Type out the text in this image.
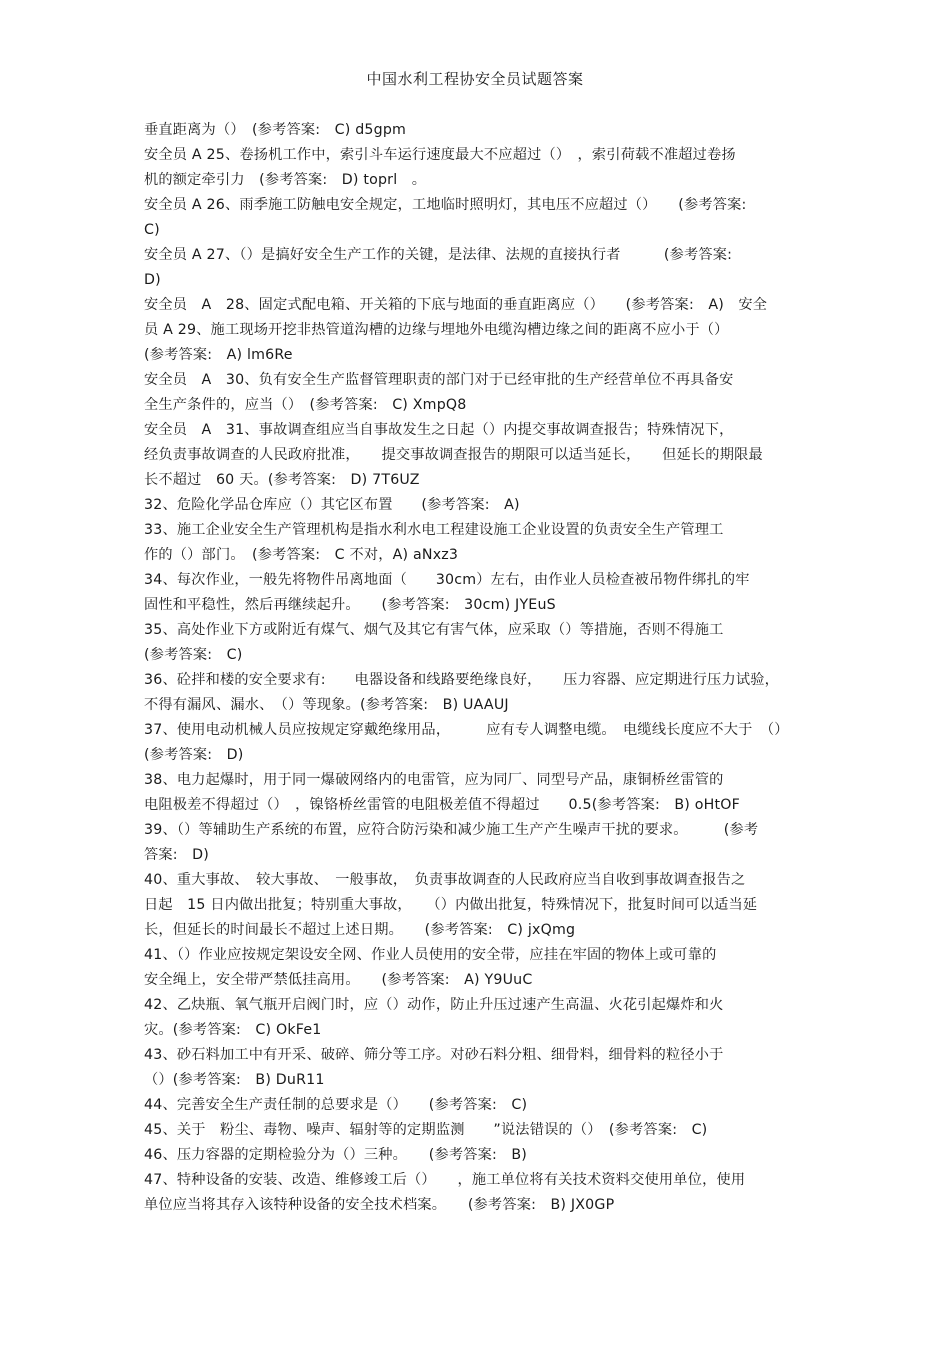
中国水利工程协安全员试题答案
垂直距离为（）　(参考答案:　C) d5gpm
安全员 A 25、卷扬机工作中，索引斗车运行速度最大不应超过（）　，索引荷载不准超过卷扬
机的额定牵引力　(参考答案:　D) toprl　。
安全员 A 26、雨季施工防触电安全规定，工地临时照明灯，其电压不应超过（）　　(参考答案:
C)
安全员 A 27、（）是搞好安全生产工作的关键，是法律、法规的直接执行者　　　(参考答案:
D)
安全员　A　28、固定式配电箱、开关箱的下底与地面的垂直距离应（）　　(参考答案:　A)　安全
员 A 29、施工现场开挖非热管道沟槽的边缘与埋地外电缆沟槽边缘之间的距离不应小于（）
(参考答案:　A) lm6Re
安全员　A　30、负有安全生产监督管理职责的部门对于已经审批的生产经营单位不再具备安
全生产条件的，应当（）　(参考答案:　C) XmpQ8
安全员　A　31、事故调查组应当自事故发生之日起（）内提交事故调查报告；特殊情况下，
经负责事故调查的人民政府批准，　　提交事故调查报告的期限可以适当延长，　　但延长的期限最
长不超过　60 天。(参考答案:　D) 7T6UZ
32、危险化学品仓库应（）其它区布置　　(参考答案:　A)
33、施工企业安全生产管理机构是指水利水电工程建设施工企业设置的负责安全生产管理工
作的（）部门。　(参考答案:　C 不对，A) aNxz3
34、每次作业，一般先将物件吊离地面（　　30cm）左右，由作业人员检查被吊物件绑扎的牢
固性和平稳性，然后再继续起升。　　(参考答案:　30cm) JYEuS
35、高处作业下方或附近有煤气、烟气及其它有害气体，应采取（）等措施，否则不得施工
(参考答案:　C)
36、砼拌和楼的安全要求有:　　电器设备和线路要绝缘良好，　　压力容器、应定期进行压力试验，
不得有漏风、漏水、　（）等现象。(参考答案:　B) UAAUJ
37、使用电动机械人员应按规定穿戴绝缘用品，　　　应有专人调整电缆。　电缆线长度应不大于　（）
(参考答案:　D)
38、电力起爆时，用于同一爆破网络内的电雷管，应为同厂、同型号产品，康铜桥丝雷管的
电阻极差不得超过（）　，镍铬桥丝雷管的电阻极差值不得超过　　0.5(参考答案:　B) oHtOF
39、（）等辅助生产系统的布置，应符合防污染和减少施工生产产生噪声干扰的要求。　　　(参考
答案:　D)
40、重大事故、　较大事故、　一般事故，　负责事故调查的人民政府应当自收到事故调查报告之
日起　15 日内做出批复；特别重大事故，　　（）内做出批复，特殊情况下，批复时间可以适当延
长，但延长的时间最长不超过上述日期。　　(参考答案:　C) jxQmg
41、（）作业应按规定架设安全网、作业人员使用的安全带，应挂在牢固的物体上或可靠的
安全绳上，安全带严禁低挂高用。　　(参考答案:　A) Y9UuC
42、乙炔瓶、氧气瓶开启阀门时，应（）动作，防止升压过速产生高温、火花引起爆炸和火
灾。(参考答案:　C) OkFe1
43、砂石料加工中有开采、破碎、筛分等工序。对砂石料分粗、细骨料，细骨料的粒径小于
（）(参考答案:　B) DuR11
44、完善安全生产责任制的总要求是（）　　(参考答案:　C)
45、关于　粉尘、毒物、噪声、辐射等的定期监测　　”说法错误的（）　(参考答案:　C)
46、压力容器的定期检验分为（）三种。　　(参考答案:　B)
47、特种设备的安装、改造、维修竣工后（）　　，施工单位将有关技术资料交使用单位，使用
单位应当将其存入该特种设备的安全技术档案。　　(参考答案:　B) JX0GP
